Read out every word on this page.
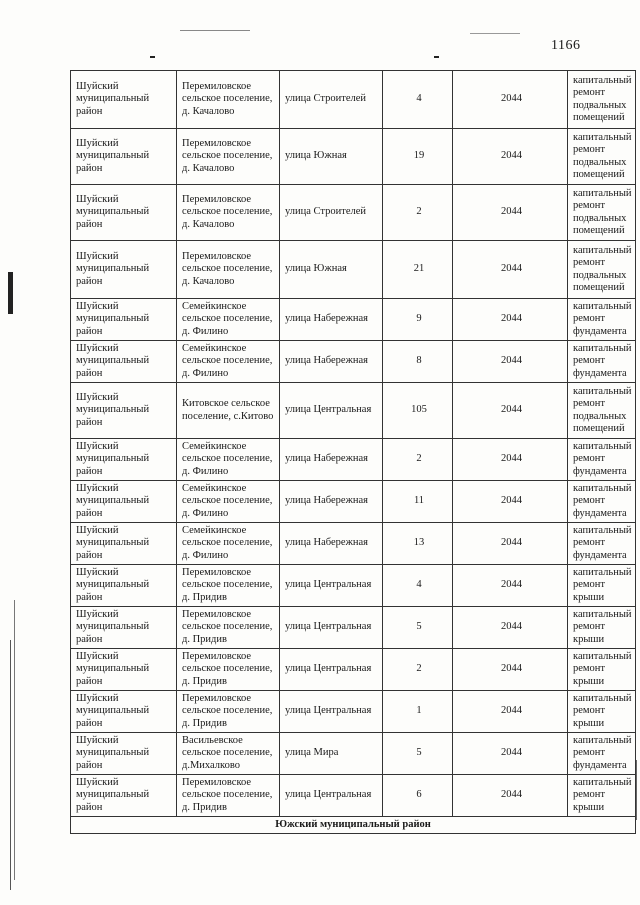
1166
Шуйский муниципальный район	Перемиловское сельское поселение, д. Качалово	улица Строителей	4	2044	капитальный ремонт подвальных помещений
Шуйский муниципальный район	Перемиловское сельское поселение, д. Качалово	улица Южная	19	2044	капитальный ремонт подвальных помещений
Шуйский муниципальный район	Перемиловское сельское поселение, д. Качалово	улица Строителей	2	2044	капитальный ремонт подвальных помещений
Шуйский муниципальный район	Перемиловское сельское поселение, д. Качалово	улица Южная	21	2044	капитальный ремонт подвальных помещений
Шуйский муниципальный район	Семейкинское сельское поселение, д. Филино	улица Набережная	9	2044	капитальный ремонт фундамента
Шуйский муниципальный район	Семейкинское сельское поселение, д. Филино	улица Набережная	8	2044	капитальный ремонт фундамента
Шуйский муниципальный район	Китовское сельское поселение, с.Китово	улица Центральная	105	2044	капитальный ремонт подвальных помещений
Шуйский муниципальный район	Семейкинское сельское поселение, д. Филино	улица Набережная	2	2044	капитальный ремонт фундамента
Шуйский муниципальный район	Семейкинское сельское поселение, д. Филино	улица Набережная	11	2044	капитальный ремонт фундамента
Шуйский муниципальный район	Семейкинское сельское поселение, д. Филино	улица Набережная	13	2044	капитальный ремонт фундамента
Шуйский муниципальный район	Перемиловское сельское поселение, д. Придив	улица Центральная	4	2044	капитальный ремонт крыши
Шуйский муниципальный район	Перемиловское сельское поселение, д. Придив	улица Центральная	5	2044	капитальный ремонт крыши
Шуйский муниципальный район	Перемиловское сельское поселение, д. Придив	улица Центральная	2	2044	капитальный ремонт крыши
Шуйский муниципальный район	Перемиловское сельское поселение, д. Придив	улица Центральная	1	2044	капитальный ремонт крыши
Шуйский муниципальный район	Васильевское сельское поселение, д.Михалково	улица Мира	5	2044	капитальный ремонт фундамента
Шуйский муниципальный район	Перемиловское сельское поселение, д. Придив	улица Центральная	6	2044	капитальный ремонт крыши
Южский муниципальный район					
